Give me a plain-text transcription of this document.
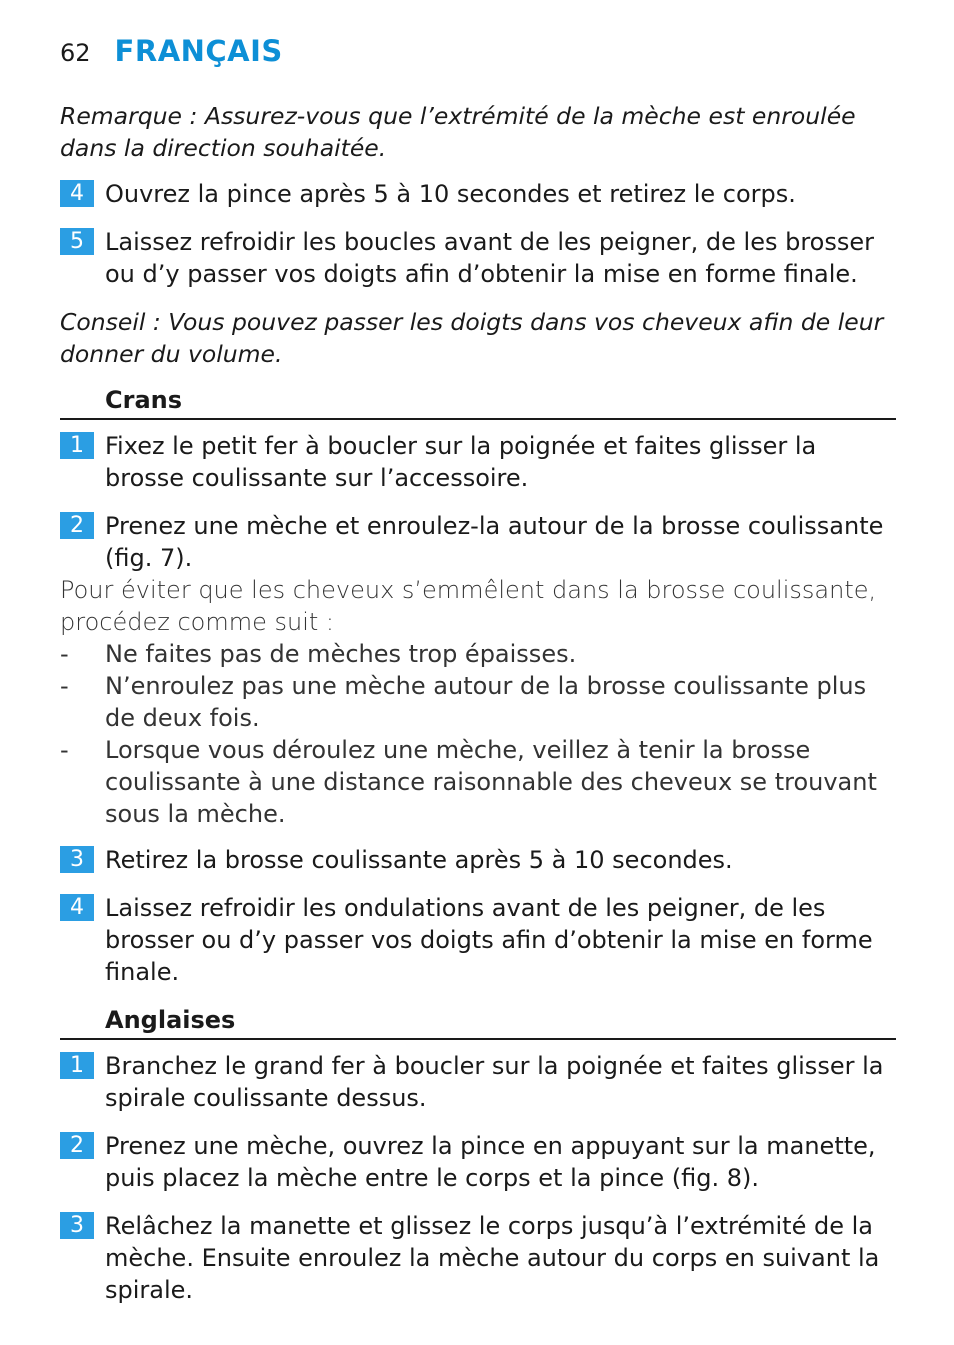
62 FRANÇAIS

Remarque : Assurez-vous que l’extrémité de la mèche est enroulée dans la direction souhaitée.

4 Ouvrez la pince après 5 à 10 secondes et retirez le corps.
5 Laissez refroidir les boucles avant de les peigner, de les brosser ou d’y passer vos doigts afin d’obtenir la mise en forme finale.

Conseil : Vous pouvez passer les doigts dans vos cheveux afin de leur donner du volume.

Crans
1 Fixez le petit fer à boucler sur la poignée et faites glisser la brosse coulissante sur l’accessoire.
2 Prenez une mèche et enroulez-la autour de la brosse coulissante (fig. 7).
Pour éviter que les cheveux s’emmêlent dans la brosse coulissante, procédez comme suit :
-	Ne faites pas de mèches trop épaisses.
-	N’enroulez pas une mèche autour de la brosse coulissante plus de deux fois.
-	Lorsque vous déroulez une mèche, veillez à tenir la brosse coulissante à une distance raisonnable des cheveux se trouvant sous la mèche.
3 Retirez la brosse coulissante après 5 à 10 secondes.
4 Laissez refroidir les ondulations avant de les peigner, de les brosser ou d’y passer vos doigts afin d’obtenir la mise en forme finale.
Anglaises
1 Branchez le grand fer à boucler sur la poignée et faites glisser la spirale coulissante dessus.
2 Prenez une mèche, ouvrez la pince en appuyant sur la manette, puis placez la mèche entre le corps et la pince (fig. 8).
3 Relâchez la manette et glissez le corps jusqu’à l’extrémité de la mèche. Ensuite enroulez la mèche autour du corps en suivant la spirale.
